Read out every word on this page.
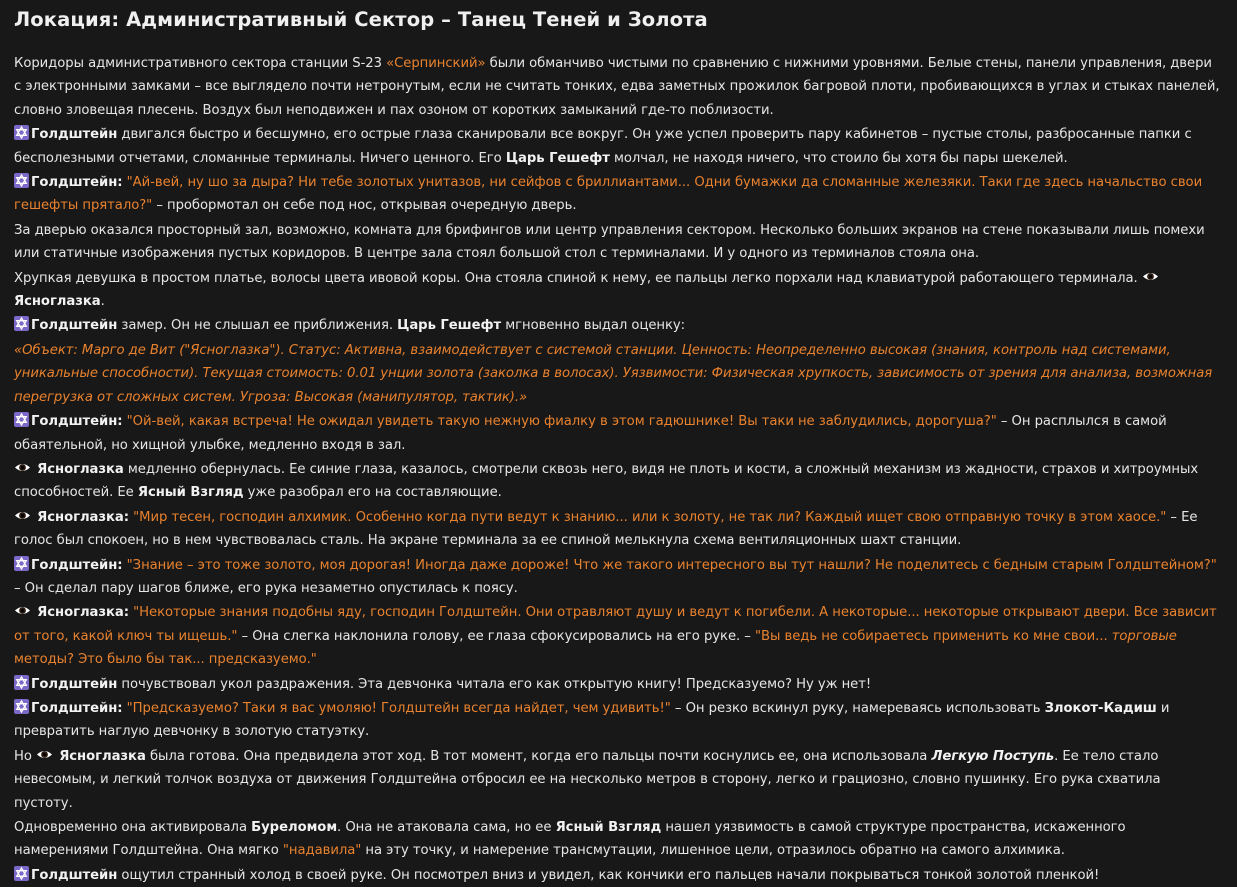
Локация: Административный Сектор – Танец Теней и Золота

Коридоры административного сектора станции S-23 «Серпинский» были обманчиво чистыми по сравнению с нижними уровнями. Белые стены, панели управления, двери с электронными замками – все выглядело почти нетронутым, если не считать тонких, едва заметных прожилок багровой плоти, пробивающихся в углах и стыках панелей, словно зловещая плесень. Воздух был неподвижен и пах озоном от коротких замыканий где-то поблизости.

Голдштейн двигался быстро и бесшумно, его острые глаза сканировали все вокруг. Он уже успел проверить пару кабинетов – пустые столы, разбросанные папки с бесполезными отчетами, сломанные терминалы. Ничего ценного. Его Царь Гешефт молчал, не находя ничего, что стоило бы хотя бы пары шекелей.

Голдштейн: "Ай-вей, ну шо за дыра? Ни тебе золотых унитазов, ни сейфов с бриллиантами... Одни бумажки да сломанные железяки. Таки где здесь начальство свои гешефты прятало?" – пробормотал он себе под нос, открывая очередную дверь.

За дверью оказался просторный зал, возможно, комната для брифингов или центр управления сектором. Несколько больших экранов на стене показывали лишь помехи или статичные изображения пустых коридоров. В центре зала стоял большой стол с терминалами. И у одного из терминалов стояла она.

Хрупкая девушка в простом платье, волосы цвета ивовой коры. Она стояла спиной к нему, ее пальцы легко порхали над клавиатурой работающего терминала.
Ясноглазка.

Голдштейн замер. Он не слышал ее приближения. Царь Гешефт мгновенно выдал оценку:

«Объект: Марго де Вит ("Ясноглазка"). Статус: Активна, взаимодействует с системой станции. Ценность: Неопределенно высокая (знания, контроль над системами, уникальные способности). Текущая стоимость: 0.01 унции золота (заколка в волосах). Уязвимости: Физическая хрупкость, зависимость от зрения для анализа, возможная перегрузка от сложных систем. Угроза: Высокая (манипулятор, тактик).»

Голдштейн: "Ой-вей, какая встреча! Не ожидал увидеть такую нежную фиалку в этом гадюшнике! Вы таки не заблудились, дорогуша?" – Он расплылся в самой обаятельной, но хищной улыбке, медленно входя в зал.

Ясноглазка медленно обернулась. Ее синие глаза, казалось, смотрели сквозь него, видя не плоть и кости, а сложный механизм из жадности, страхов и хитроумных способностей. Ее Ясный Взгляд уже разобрал его на составляющие.

Ясноглазка: "Мир тесен, господин алхимик. Особенно когда пути ведут к знанию... или к золоту, не так ли? Каждый ищет свою отправную точку в этом хаосе." – Ее голос был спокоен, но в нем чувствовалась сталь. На экране терминала за ее спиной мелькнула схема вентиляционных шахт станции.

Голдштейн: "Знание – это тоже золото, моя дорогая! Иногда даже дороже! Что же такого интересного вы тут нашли? Не поделитесь с бедным старым Голдштейном?" – Он сделал пару шагов ближе, его рука незаметно опустилась к поясу.

Ясноглазка: "Некоторые знания подобны яду, господин Голдштейн. Они отравляют душу и ведут к погибели. А некоторые... некоторые открывают двери. Все зависит от того, какой ключ ты ищешь." – Она слегка наклонила голову, ее глаза сфокусировались на его руке. – "Вы ведь не собираетесь применить ко мне свои... торговые методы? Это было бы так... предсказуемо."

Голдштейн почувствовал укол раздражения. Эта девчонка читала его как открытую книгу! Предсказуемо? Ну уж нет!

Голдштейн: "Предсказуемо? Таки я вас умоляю! Голдштейн всегда найдет, чем удивить!" – Он резко вскинул руку, намереваясь использовать Злокот-Кадиш и превратить наглую девчонку в золотую статуэтку.

Но
Ясноглазка была готова. Она предвидела этот ход. В тот момент, когда его пальцы почти коснулись ее, она использовала Легкую Поступь. Ее тело стало невесомым, и легкий толчок воздуха от движения Голдштейна отбросил ее на несколько метров в сторону, легко и грациозно, словно пушинку. Его рука схватила пустоту.

Одновременно она активировала Буреломом. Она не атаковала сама, но ее Ясный Взгляд нашел уязвимость в самой структуре пространства, искаженного намерениями Голдштейна. Она мягко "надавила" на эту точку, и намерение трансмутации, лишенное цели, отразилось обратно на самого алхимика.

Голдштейн ощутил странный холод в своей руке. Он посмотрел вниз и увидел, как кончики его пальцев начали покрываться тонкой золотой пленкой!
